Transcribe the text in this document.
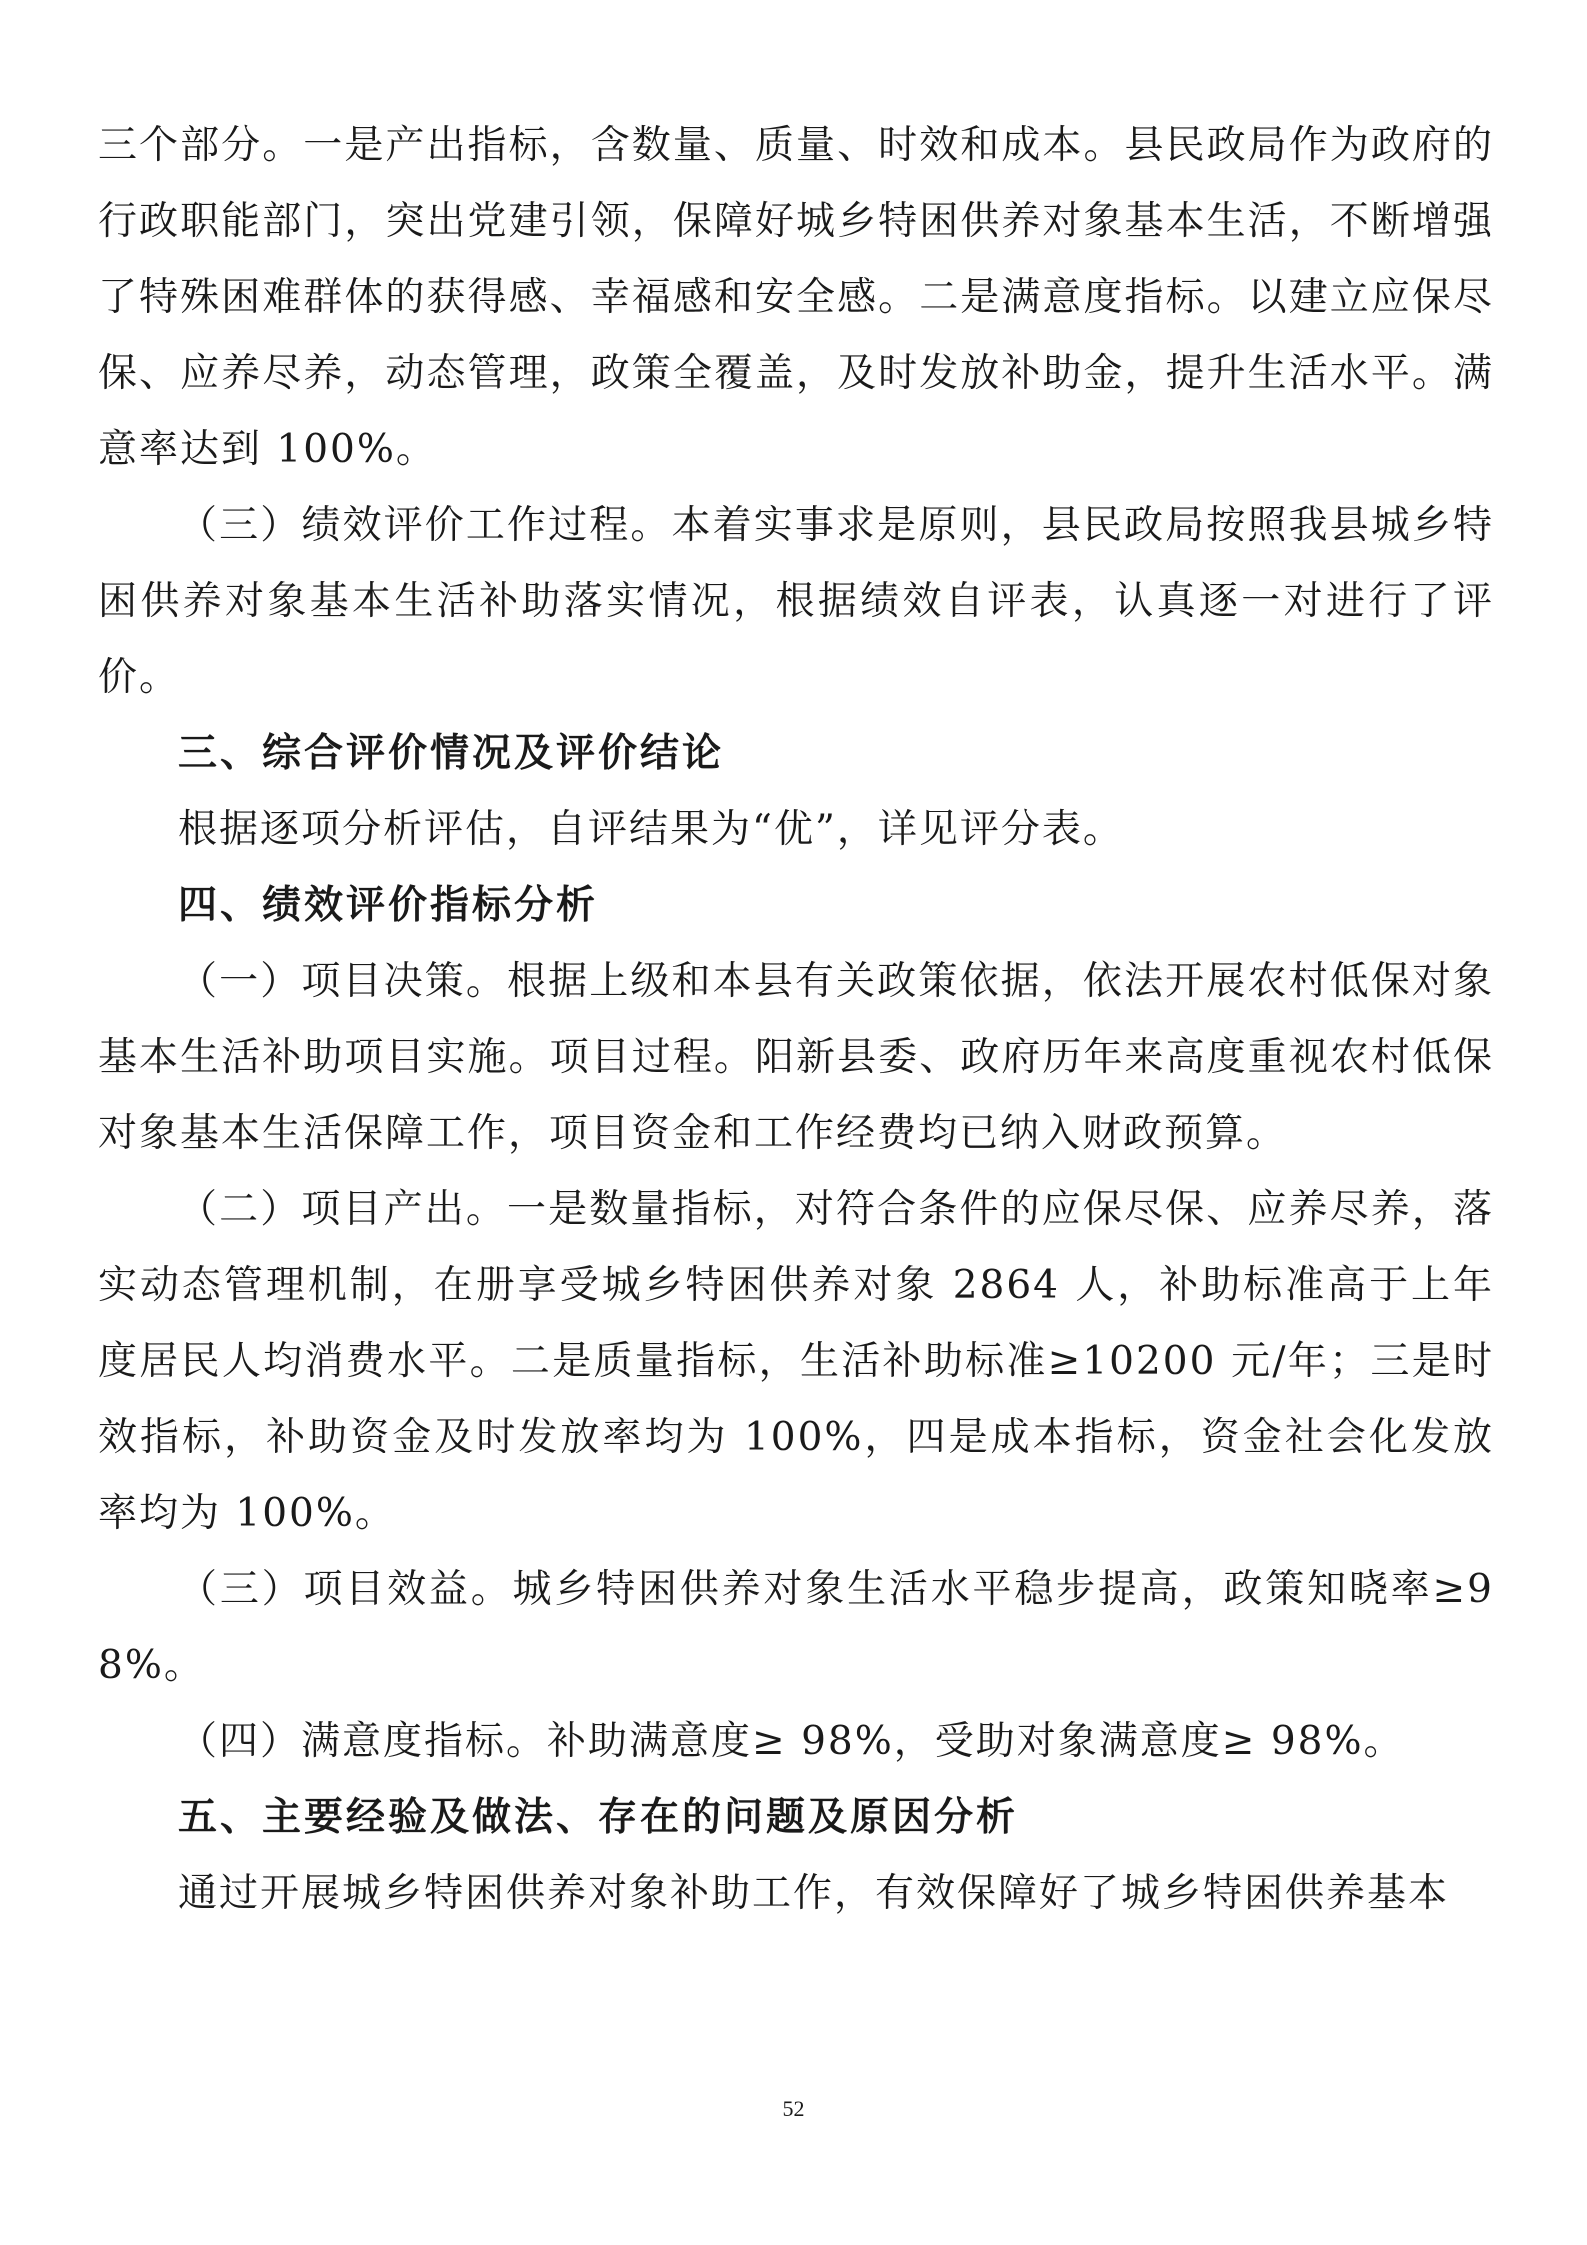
三个部分。一是产出指标，含数量、质量、时效和成本。县民政局作为政府的行政职能部门，突出党建引领，保障好城乡特困供养对象基本生活，不断增强了特殊困难群体的获得感、幸福感和安全感。二是满意度指标。以建立应保尽保、应养尽养，动态管理，政策全覆盖，及时发放补助金，提升生活水平。满意率达到 100%。

（三）绩效评价工作过程。本着实事求是原则，县民政局按照我县城乡特困供养对象基本生活补助落实情况，根据绩效自评表，认真逐一对进行了评价。

三、综合评价情况及评价结论

根据逐项分析评估，自评结果为“优”，详见评分表。

四、绩效评价指标分析

（一）项目决策。根据上级和本县有关政策依据，依法开展农村低保对象基本生活补助项目实施。项目过程。阳新县委、政府历年来高度重视农村低保对象基本生活保障工作，项目资金和工作经费均已纳入财政预算。

（二）项目产出。一是数量指标，对符合条件的应保尽保、应养尽养，落实动态管理机制，在册享受城乡特困供养对象 2864 人，补助标准高于上年度居民人均消费水平。二是质量指标，生活补助标准≥10200 元/年；三是时效指标，补助资金及时发放率均为 100%，四是成本指标，资金社会化发放率均为 100%。

（三）项目效益。城乡特困供养对象生活水平稳步提高，政策知晓率≥98%。

（四）满意度指标。补助满意度≥ 98%，受助对象满意度≥ 98%。

五、主要经验及做法、存在的问题及原因分析

通过开展城乡特困供养对象补助工作，有效保障好了城乡特困供养基本

52
